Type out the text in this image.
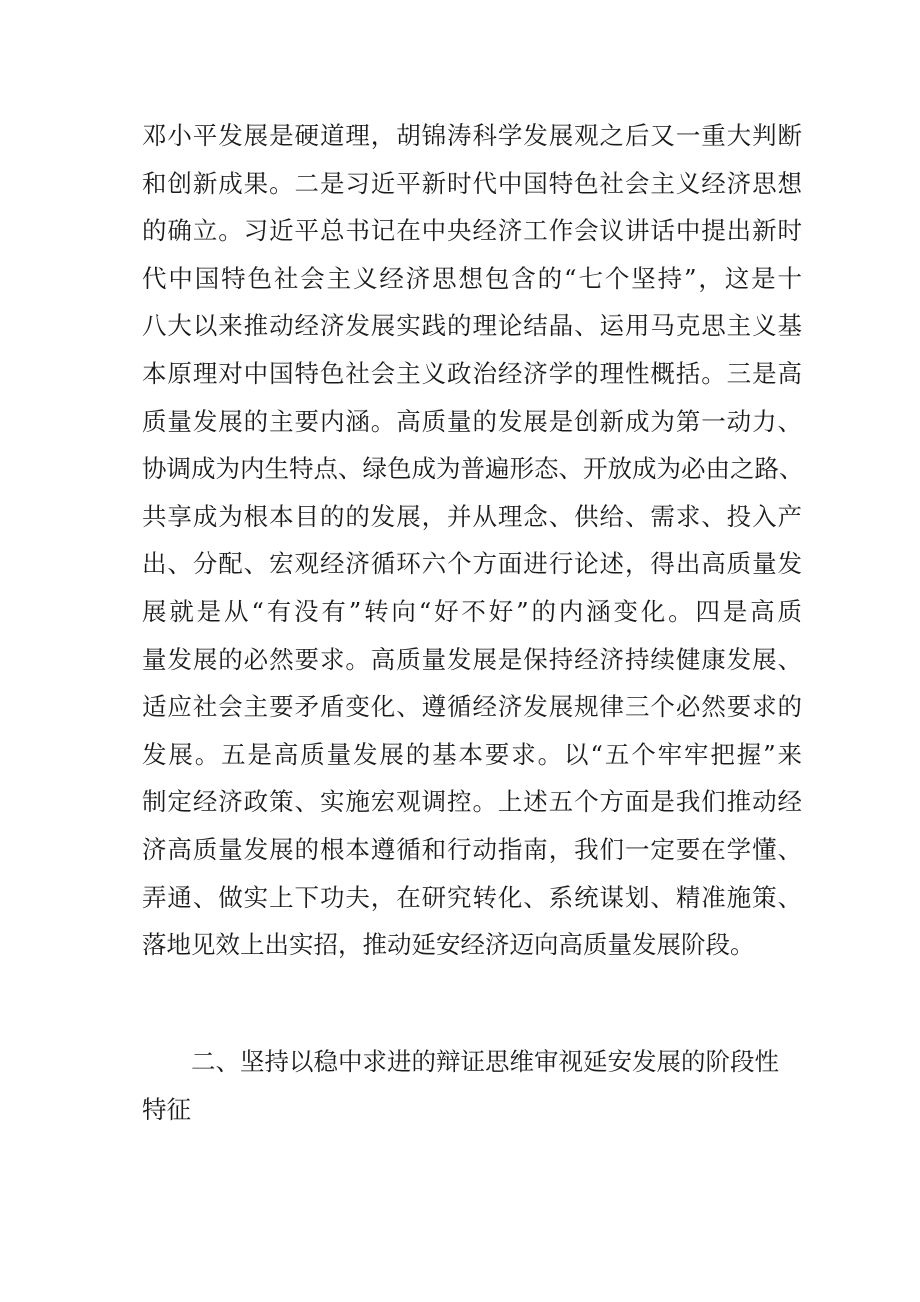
邓小平发展是硬道理，胡锦涛科学发展观之后又一重大判断
和创新成果。二是习近平新时代中国特色社会主义经济思想
的确立。习近平总书记在中央经济工作会议讲话中提出新时
代中国特色社会主义经济思想包含的“七个坚持”，这是十
八大以来推动经济发展实践的理论结晶、运用马克思主义基
本原理对中国特色社会主义政治经济学的理性概括。三是高
质量发展的主要内涵。高质量的发展是创新成为第一动力、
协调成为内生特点、绿色成为普遍形态、开放成为必由之路、
共享成为根本目的的发展，并从理念、供给、需求、投入产
出、分配、宏观经济循环六个方面进行论述，得出高质量发
展就是从“有没有”转向“好不好”的内涵变化。四是高质
量发展的必然要求。高质量发展是保持经济持续健康发展、
适应社会主要矛盾变化、遵循经济发展规律三个必然要求的
发展。五是高质量发展的基本要求。以“五个牢牢把握”来
制定经济政策、实施宏观调控。上述五个方面是我们推动经
济高质量发展的根本遵循和行动指南，我们一定要在学懂、
弄通、做实上下功夫，在研究转化、系统谋划、精准施策、
落地见效上出实招，推动延安经济迈向高质量发展阶段。
二、坚持以稳中求进的辩证思维审视延安发展的阶段性
特征
